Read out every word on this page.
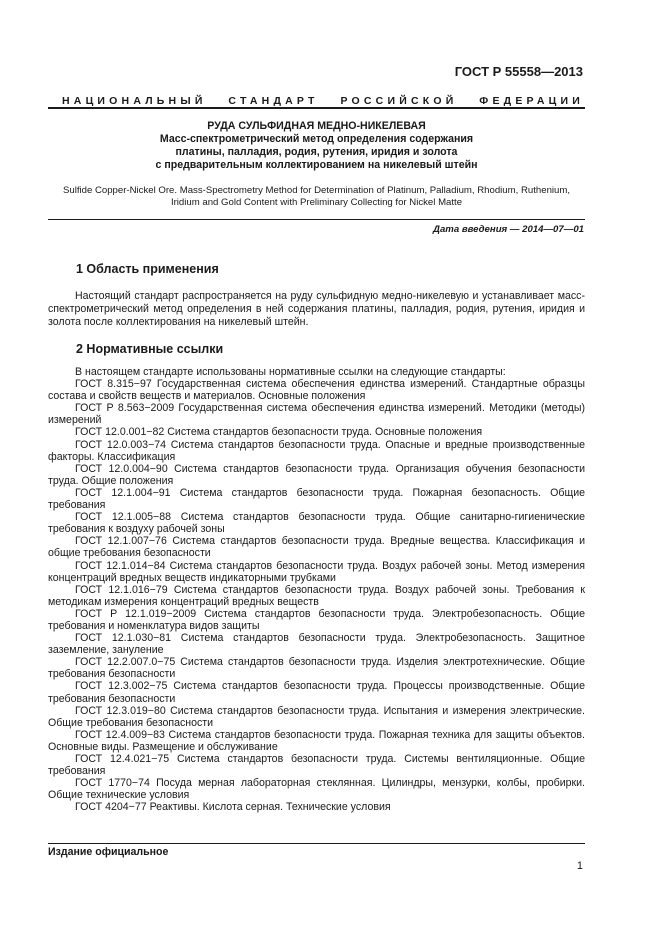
ГОСТ Р 55558—2013
НАЦИОНАЛЬНЫЙ СТАНДАРТ РОССИЙСКОЙ ФЕДЕРАЦИИ
РУДА СУЛЬФИДНАЯ МЕДНО-НИКЕЛЕВАЯ
Масс-спектрометрический метод определения содержания
платины, палладия, родия, рутения, иридия и золота
с предварительным коллектированием на никелевый штейн
Sulfide Copper-Nickel Ore. Mass-Spectrometry Method for Determination of Platinum, Palladium, Rhodium, Ruthenium,
Iridium and Gold Content with Preliminary Collecting for Nickel Matte
Дата введения — 2014—07—01
1 Область применения
Настоящий стандарт распространяется на руду сульфидную медно-никелевую и устанавливает масс-спектрометрический метод определения в ней содержания платины, палладия, родия, рутения, иридия и золота после коллектирования на никелевый штейн.
2 Нормативные ссылки
В настоящем стандарте использованы нормативные ссылки на следующие стандарты:
ГОСТ 8.315−97 Государственная система обеспечения единства измерений. Стандартные образцы состава и свойств веществ и материалов. Основные положения
ГОСТ Р 8.563−2009 Государственная система обеспечения единства измерений. Методики (методы) измерений
ГОСТ 12.0.001−82 Система стандартов безопасности труда. Основные положения
ГОСТ 12.0.003−74 Система стандартов безопасности труда. Опасные и вредные производственные факторы. Классификация
ГОСТ 12.0.004−90 Система стандартов безопасности труда. Организация обучения безопасности труда. Общие положения
ГОСТ 12.1.004−91 Система стандартов безопасности труда. Пожарная безопасность. Общие требования
ГОСТ 12.1.005−88 Система стандартов безопасности труда. Общие санитарно-гигиенические требования к воздуху рабочей зоны
ГОСТ 12.1.007−76 Система стандартов безопасности труда. Вредные вещества. Классификация и общие требования безопасности
ГОСТ 12.1.014−84 Система стандартов безопасности труда. Воздух рабочей зоны. Метод измерения концентраций вредных веществ индикаторными трубками
ГОСТ 12.1.016−79 Система стандартов безопасности труда. Воздух рабочей зоны. Требования к методикам измерения концентраций вредных веществ
ГОСТ Р 12.1.019−2009 Система стандартов безопасности труда. Электробезопасность. Общие требования и номенклатура видов защиты
ГОСТ 12.1.030−81 Система стандартов безопасности труда. Электробезопасность. Защитное заземление, зануление
ГОСТ 12.2.007.0−75 Система стандартов безопасности труда. Изделия электротехнические. Общие требования безопасности
ГОСТ 12.3.002−75 Система стандартов безопасности труда. Процессы производственные. Общие требования безопасности
ГОСТ 12.3.019−80 Система стандартов безопасности труда. Испытания и измерения электрические. Общие требования безопасности
ГОСТ 12.4.009−83 Система стандартов безопасности труда. Пожарная техника для защиты объектов. Основные виды. Размещение и обслуживание
ГОСТ 12.4.021−75 Система стандартов безопасности труда. Системы вентиляционные. Общие требования
ГОСТ 1770−74 Посуда мерная лабораторная стеклянная. Цилиндры, мензурки, колбы, пробирки. Общие технические условия
ГОСТ 4204−77 Реактивы. Кислота серная. Технические условия
Издание официальное
1
